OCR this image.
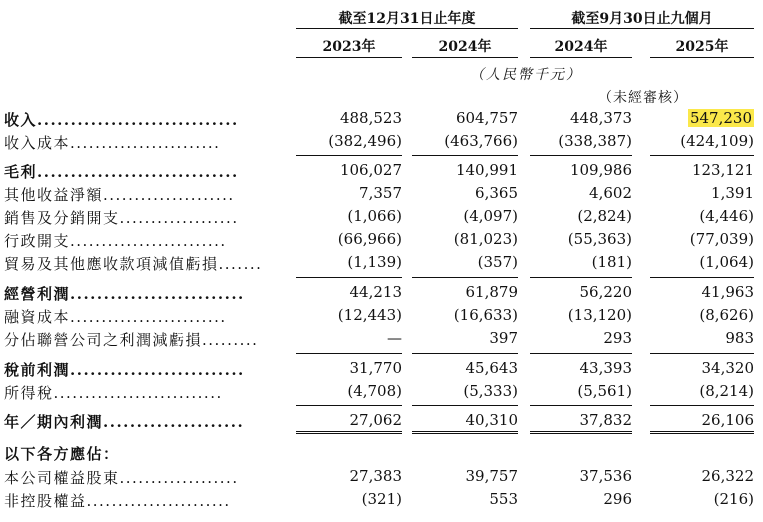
截至12月31日止年度	截至9月30日止九個月
2023年	2024年	2024年	2025年
（人民幣千元）
（未經審核）
收入..............................	488,523	604,757	448,373	547,230
收入成本........................	(382,496)	(463,766)	(338,387)	(424,109)
毛利..............................	106,027	140,991	109,986	123,121
其他收益淨額.....................	7,357	6,365	4,602	1,391
銷售及分銷開支...................	(1,066)	(4,097)	(2,824)	(4,446)
行政開支.........................	(66,966)	(81,023)	(55,363)	(77,039)
貿易及其他應收款項減值虧損.......	(1,139)	(357)	(181)	(1,064)
經營利潤..........................	44,213	61,879	56,220	41,963
融資成本.........................	(12,443)	(16,633)	(13,120)	(8,626)
分佔聯營公司之利潤減虧損.........	—	397	293	983
稅前利潤..........................	31,770	45,643	43,393	34,320
所得稅...........................	(4,708)	(5,333)	(5,561)	(8,214)
年／期內利潤.....................	27,062	40,310	37,832	26,106
以下各方應佔：
本公司權益股東...................	27,383	39,757	37,536	26,322
非控股權益.......................	(321)	553	296	(216)
